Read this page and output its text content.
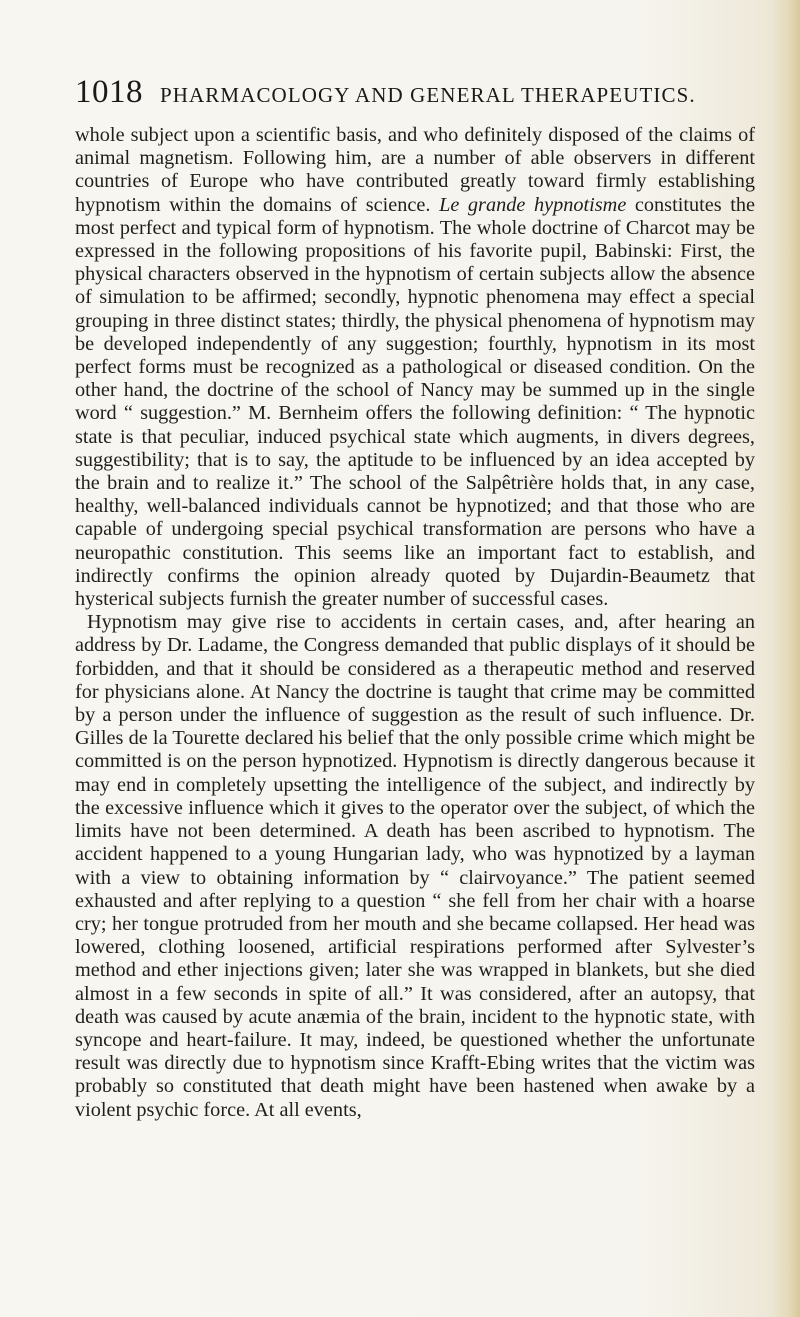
1018 PHARMACOLOGY AND GENERAL THERAPEUTICS.

whole subject upon a scientific basis, and who definitely disposed of the claims of animal magnetism. Following him, are a number of able observers in different countries of Europe who have contributed greatly toward firmly establishing hypnotism within the domains of science. Le grande hypnotisme constitutes the most perfect and typical form of hypnotism. The whole doctrine of Charcot may be expressed in the following propositions of his favorite pupil, Babinski: First, the physical characters observed in the hypnotism of certain subjects allow the absence of simulation to be affirmed; secondly, hypnotic phenomena may effect a special grouping in three distinct states; thirdly, the physical phenomena of hypnotism may be developed independently of any suggestion; fourthly, hypnotism in its most perfect forms must be recognized as a pathological or diseased condition. On the other hand, the doctrine of the school of Nancy may be summed up in the single word “ suggestion.” M. Bernheim offers the following definition: “ The hypnotic state is that peculiar, induced psychical state which augments, in divers degrees, suggestibility; that is to say, the aptitude to be influenced by an idea accepted by the brain and to realize it.” The school of the Salpêtrière holds that, in any case, healthy, well-balanced individuals cannot be hypnotized; and that those who are capable of undergoing special psychical transformation are persons who have a neuropathic constitution. This seems like an important fact to establish, and indirectly confirms the opinion already quoted by Dujardin-Beaumetz that hysterical subjects furnish the greater number of successful cases.

Hypnotism may give rise to accidents in certain cases, and, after hearing an address by Dr. Ladame, the Congress demanded that public displays of it should be forbidden, and that it should be considered as a therapeutic method and reserved for physicians alone. At Nancy the doctrine is taught that crime may be committed by a person under the influence of suggestion as the result of such influence. Dr. Gilles de la Tourette declared his belief that the only possible crime which might be committed is on the person hypnotized. Hypnotism is directly dangerous because it may end in completely upsetting the intelligence of the subject, and indirectly by the excessive influence which it gives to the operator over the subject, of which the limits have not been determined. A death has been ascribed to hypnotism. The accident happened to a young Hungarian lady, who was hypnotized by a layman with a view to obtaining information by “ clairvoyance.” The patient seemed exhausted and after replying to a question “ she fell from her chair with a hoarse cry; her tongue protruded from her mouth and she became collapsed. Her head was lowered, clothing loosened, artificial respirations performed after Sylvester’s method and ether injections given; later she was wrapped in blankets, but she died almost in a few seconds in spite of all.” It was considered, after an autopsy, that death was caused by acute anæmia of the brain, incident to the hypnotic state, with syncope and heart-failure. It may, indeed, be questioned whether the unfortunate result was directly due to hypnotism since Krafft-Ebing writes that the victim was probably so constituted that death might have been hastened when awake by a violent psychic force. At all events,
